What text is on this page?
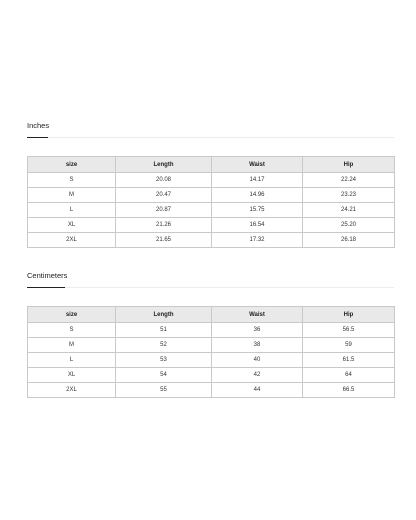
Inches
size	Length	Waist	Hip
S	20.08	14.17	22.24
M	20.47	14.96	23.23
L	20.87	15.75	24.21
XL	21.26	16.54	25.20
2XL	21.65	17.32	26.18
Centimeters
size	Length	Waist	Hip
S	51	36	56.5
M	52	38	59
L	53	40	61.5
XL	54	42	64
2XL	55	44	66.5
